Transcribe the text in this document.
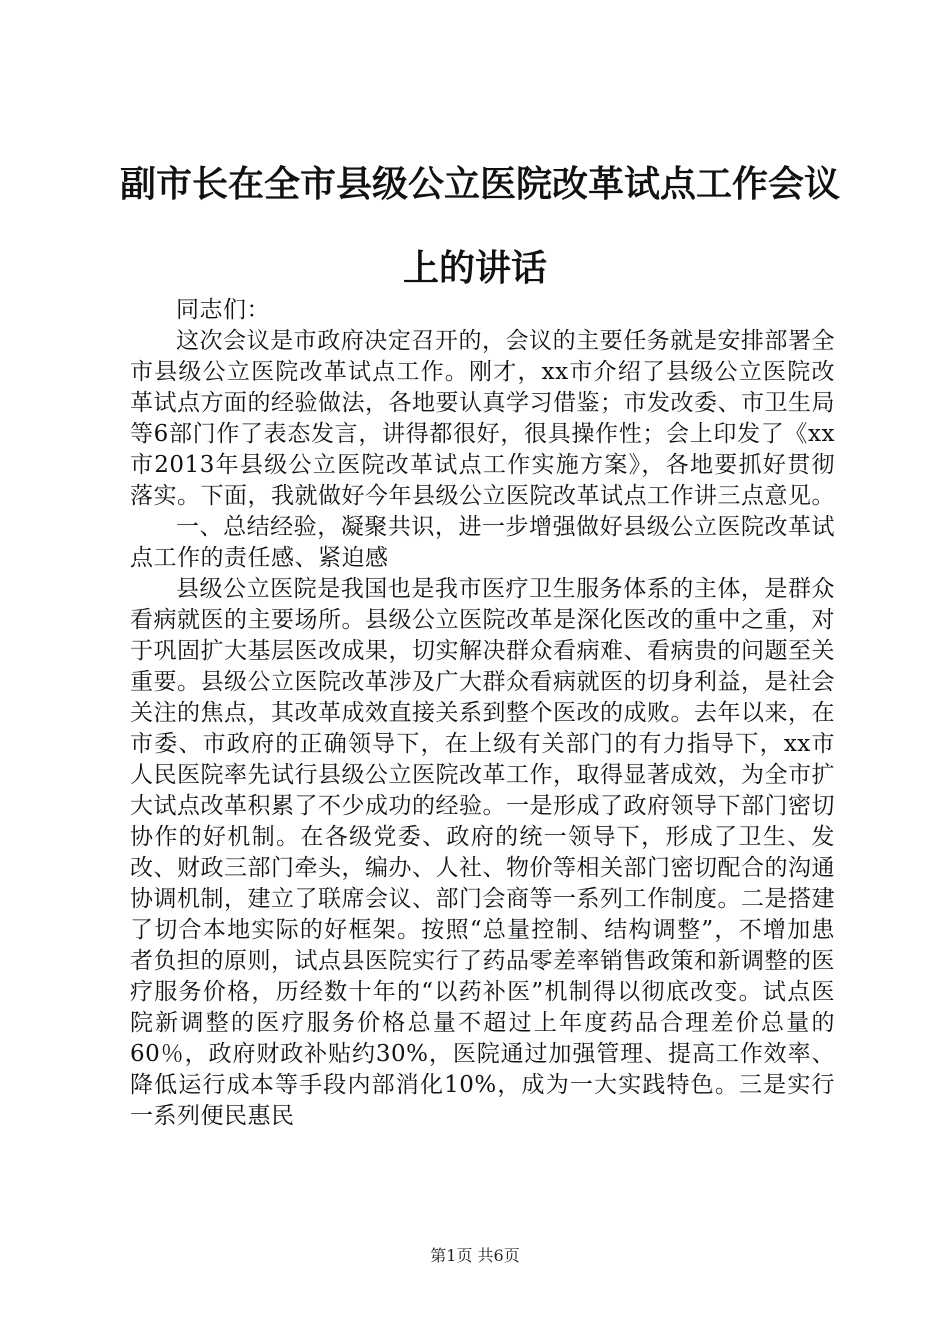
副市长在全市县级公立医院改革试点工作会议
上的讲话

同志们：

这次会议是市政府决定召开的，会议的主要任务就是安排部署全市县级公立医院改革试点工作。刚才，xx市介绍了县级公立医院改革试点方面的经验做法，各地要认真学习借鉴；市发改委、市卫生局等6部门作了表态发言，讲得都很好，很具操作性；会上印发了《xx市2013年县级公立医院改革试点工作实施方案》，各地要抓好贯彻落实。下面，我就做好今年县级公立医院改革试点工作讲三点意见。

一、总结经验，凝聚共识，进一步增强做好县级公立医院改革试点工作的责任感、紧迫感

县级公立医院是我国也是我市医疗卫生服务体系的主体，是群众看病就医的主要场所。县级公立医院改革是深化医改的重中之重，对于巩固扩大基层医改成果，切实解决群众看病难、看病贵的问题至关重要。县级公立医院改革涉及广大群众看病就医的切身利益，是社会关注的焦点，其改革成效直接关系到整个医改的成败。去年以来，在市委、市政府的正确领导下，在上级有关部门的有力指导下，xx市人民医院率先试行县级公立医院改革工作，取得显著成效，为全市扩大试点改革积累了不少成功的经验。一是形成了政府领导下部门密切协作的好机制。在各级党委、政府的统一领导下，形成了卫生、发改、财政三部门牵头，编办、人社、物价等相关部门密切配合的沟通协调机制，建立了联席会议、部门会商等一系列工作制度。二是搭建了切合本地实际的好框架。按照“总量控制、结构调整”，不增加患者负担的原则，试点县医院实行了药品零差率销售政策和新调整的医疗服务价格，历经数十年的“以药补医”机制得以彻底改变。试点医院新调整的医疗服务价格总量不超过上年度药品合理差价总量的60％，政府财政补贴约30%，医院通过加强管理、提高工作效率、降低运行成本等手段内部消化10%，成为一大实践特色。三是实行一系列便民惠民

第1页 共6页
